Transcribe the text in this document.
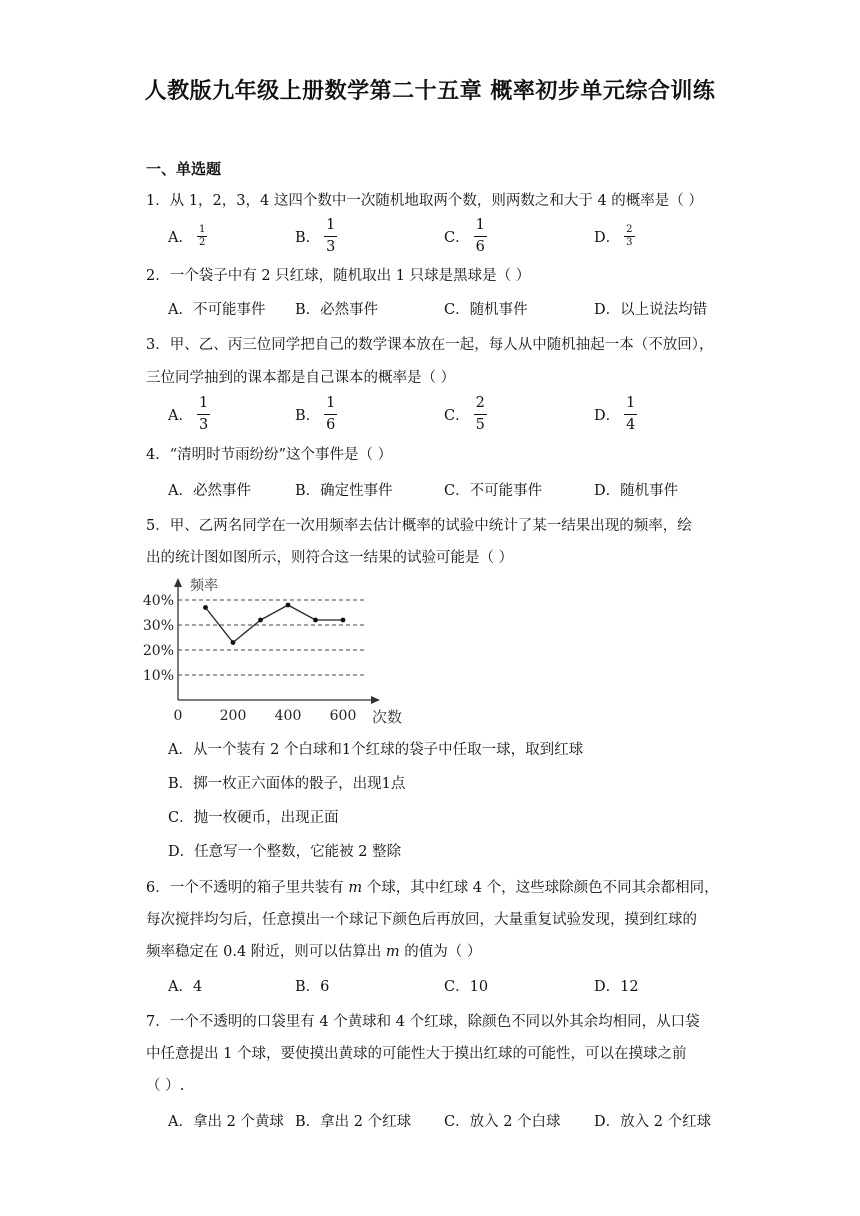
人教版九年级上册数学第二十五章 概率初步单元综合训练
一、单选题
1．从 1，2，3，4 这四个数中一次随机地取两个数，则两数之和大于 4 的概率是（ ）
A． $\frac{1}{2}$	B． $\frac{1}{3}$	C． $\frac{1}{6}$	D． $\frac{2}{3}$
2．一个袋子中有 2 只红球，随机取出 1 只球是黑球是（ ）
A．不可能事件 B．必然事件	C．随机事件	D．以上说法均错
3．甲、乙、丙三位同学把自己的数学课本放在一起，每人从中随机抽起一本（不放回），
三位同学抽到的课本都是自己课本的概率是（ ）
A． $\frac{1}{3}$	B． $\frac{1}{6}$	C． $\frac{2}{5}$	D． $\frac{1}{4}$
4．“清明时节雨纷纷”这个事件是（ ）
A．必然事件	B．确定性事件	C．不可能事件	D．随机事件
5．甲、乙两名同学在一次用频率去估计概率的试验中统计了某一结果出现的频率，绘
出的统计图如图所示，则符合这一结果的试验可能是（ ）
10%
20%
30%
40%
0	200 400 600
频率
次数
A．从一个装有 2 个白球和1个红球的袋子中任取一球，取到红球
B．掷一枚正六面体的骰子，出现1点
C．抛一枚硬币，出现正面
D．任意写一个整数，它能被 2 整除
6．一个不透明的箱子里共装有 m 个球，其中红球 4 个，这些球除颜色不同其余都相同，
每次搅拌均匀后，任意摸出一个球记下颜色后再放回，大量重复试验发现，摸到红球的
频率稳定在 0.4 附近，则可以估算出 m 的值为（ ）
A．4	B．6	C．10	D．12
7．一个不透明的口袋里有 4 个黄球和 4 个红球，除颜色不同以外其余均相同，从口袋
中任意提出 1 个球，要使摸出黄球的可能性大于摸出红球的可能性，可以在摸球之前
（ ）.
A．拿出 2 个黄球 B．拿出 2 个红球 C．放入 2 个白球 D．放入 2 个红球
